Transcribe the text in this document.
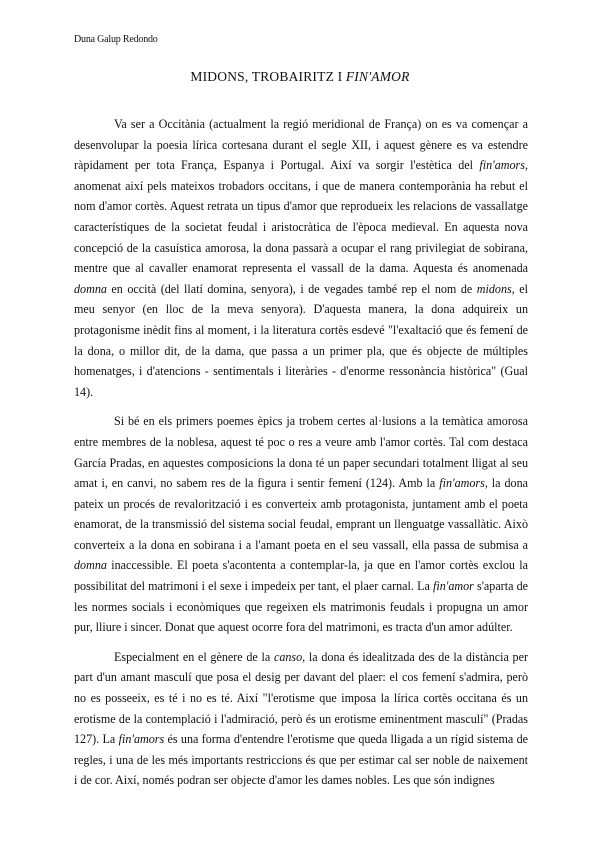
Duna Galup Redondo
MIDONS, TROBAIRITZ I FIN'AMOR

Va ser a Occitània (actualment la regió meridional de França) on es va començar a desenvolupar la poesia lírica cortesana durant el segle XII, i aquest gènere es va estendre ràpidament per tota França, Espanya i Portugal. Així va sorgir l'estètica del fin'amors, anomenat així pels mateixos trobadors occitans, i que de manera contemporània ha rebut el nom d'amor cortès. Aquest retrata un tipus d'amor que reprodueix les relacions de vassallatge característiques de la societat feudal i aristocràtica de l'època medieval. En aquesta nova concepció de la casuística amorosa, la dona passarà a ocupar el rang privilegiat de sobirana, mentre que al cavaller enamorat representa el vassall de la dama. Aquesta és anomenada domna en occità (del llatí domina, senyora), i de vegades també rep el nom de midons, el meu senyor (en lloc de la meva senyora). D'aquesta manera, la dona adquireix un protagonisme inèdit fins al moment, i la literatura cortès esdevé "l'exaltació que és femení de la dona, o millor dit, de la dama, que passa a un primer pla, que és objecte de múltiples homenatges, i d'atencions - sentimentals i literàries - d'enorme ressonància històrica" (Gual 14).

Si bé en els primers poemes èpics ja trobem certes al·lusions a la temàtica amorosa entre membres de la noblesa, aquest té poc o res a veure amb l'amor cortès. Tal com destaca García Pradas, en aquestes composicions la dona té un paper secundari totalment lligat al seu amat i, en canvi, no sabem res de la figura i sentir femení (124). Amb la fin'amors, la dona pateix un procés de revalorització i es converteix amb protagonista, juntament amb el poeta enamorat, de la transmissió del sistema social feudal, emprant un llenguatge vassallàtic. Això converteix a la dona en sobirana i a l'amant poeta en el seu vassall, ella passa de submisa a domna inaccessible. El poeta s'acontenta a contemplar-la, ja que en l'amor cortès exclou la possibilitat del matrimoni i el sexe i impedeix per tant, el plaer carnal. La fin'amor s'aparta de les normes socials i econòmiques que regeixen els matrimonis feudals i propugna un amor pur, lliure i sincer. Donat que aquest ocorre fora del matrimoni, es tracta d'un amor adúlter.

Especialment en el gènere de la canso, la dona és idealitzada des de la distància per part d'un amant masculí que posa el desig per davant del plaer: el cos femení s'admira, però no es posseeix, es té i no es té. Així "l'erotisme que imposa la lírica cortès occitana és un erotisme de la contemplació i l'admiració, però és un erotisme eminentment masculí" (Pradas 127). La fin'amors és una forma d'entendre l'erotisme que queda lligada a un rígid sistema de regles, i una de les més importants restriccions és que per estimar cal ser noble de naixement i de cor. Així, només podran ser objecte d'amor les dames nobles. Les que són indignes
